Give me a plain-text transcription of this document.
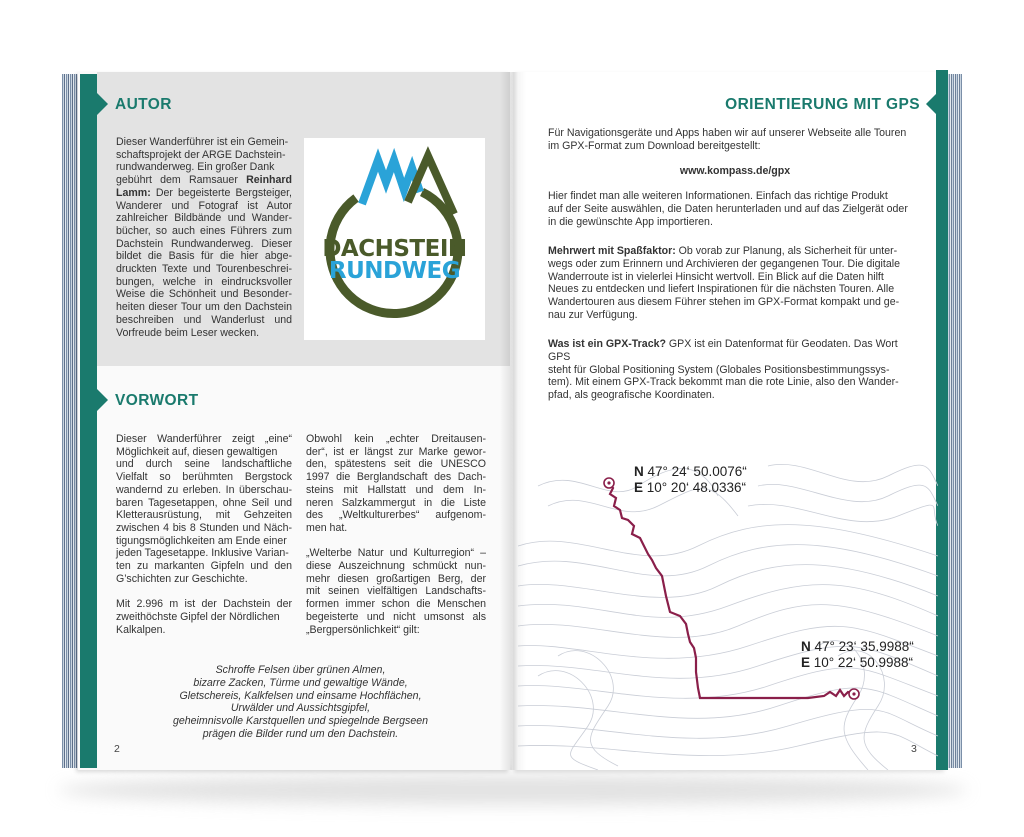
AUTOR
Dieser Wanderführer ist ein Gemein-
schaftsprojekt der ARGE Dachstein-
rundwanderweg. Ein großer Dank
gebührt dem Ramsauer Reinhard
Lamm: Der begeisterte Bergsteiger,
Wanderer und Fotograf ist Autor
zahlreicher Bildbände und Wander-
bücher, so auch eines Führers zum
Dachstein Rundwanderweg. Dieser
bildet die Basis für die hier abge-
druckten Texte und Tourenbeschrei-
bungen, welche in eindrucksvoller
Weise die Schönheit und Besonder-
heiten dieser Tour um den Dachstein
beschreiben und Wanderlust und
Vorfreude beim Leser wecken.
DACHSTEIN
RUNDWEG
VORWORT
Dieser Wanderführer zeigt „eine“
Möglichkeit auf, diesen gewaltigen
und durch seine landschaftliche
Vielfalt so berühmten Bergstock
wandernd zu erleben. In überschau-
baren Tagesetappen, ohne Seil und
Kletterausrüstung, mit Gehzeiten
zwischen 4 bis 8 Stunden und Näch-
tigungsmöglichkeiten am Ende einer
jeden Tagesetappe. Inklusive Varian-
ten zu markanten Gipfeln und den
G’schichten zur Geschichte.
Mit 2.996 m ist der Dachstein der
zweithöchste Gipfel der Nördlichen
Kalkalpen.
Obwohl kein „echter Dreitausen-
der“, ist er längst zur Marke gewor-
den, spätestens seit die UNESCO
1997 die Berglandschaft des Dach-
steins mit Hallstatt und dem In-
neren Salzkammergut in die Liste
des „Weltkulturerbes“ aufgenom-
men hat.
„Welterbe Natur und Kulturregion“ –
diese Auszeichnung schmückt nun-
mehr diesen großartigen Berg, der
mit seinen vielfältigen Landschafts-
formen immer schon die Menschen
begeisterte und nicht umsonst als
„Bergpersönlichkeit“ gilt:
Schroffe Felsen über grünen Almen,
bizarre Zacken, Türme und gewaltige Wände,
Gletschereis, Kalkfelsen und einsame Hochflächen,
Urwälder und Aussichtsgipfel,
geheimnisvolle Karstquellen und spiegelnde Bergseen
prägen die Bilder rund um den Dachstein.
2
ORIENTIERUNG MIT GPS
Für Navigationsgeräte und Apps haben wir auf unserer Webseite alle Touren
im GPX-Format zum Download bereitgestellt:
www.kompass.de/gpx
Hier findet man alle weiteren Informationen. Einfach das richtige Produkt
auf der Seite auswählen, die Daten herunterladen und auf das Zielgerät oder
in die gewünschte App importieren.
Mehrwert mit Spaßfaktor: Ob vorab zur Planung, als Sicherheit für unter-
wegs oder zum Erinnern und Archivieren der gegangenen Tour. Die digitale
Wanderroute ist in vielerlei Hinsicht wertvoll. Ein Blick auf die Daten hilft
Neues zu entdecken und liefert Inspirationen für die nächsten Touren. Alle
Wandertouren aus diesem Führer stehen im GPX-Format kompakt und ge-
nau zur Verfügung.
Was ist ein GPX-Track? GPX ist ein Datenformat für Geodaten. Das Wort GPS
steht für Global Positioning System (Globales Positionsbestimmungssys-
tem). Mit einem GPX-Track bekommt man die rote Linie, also den Wander-
pfad, als geografische Koordinaten.
N 47° 24‘ 50.0076“
E 10° 20‘ 48.0336“
N 47° 23‘ 35.9988“
E 10° 22‘ 50.9988“
3
